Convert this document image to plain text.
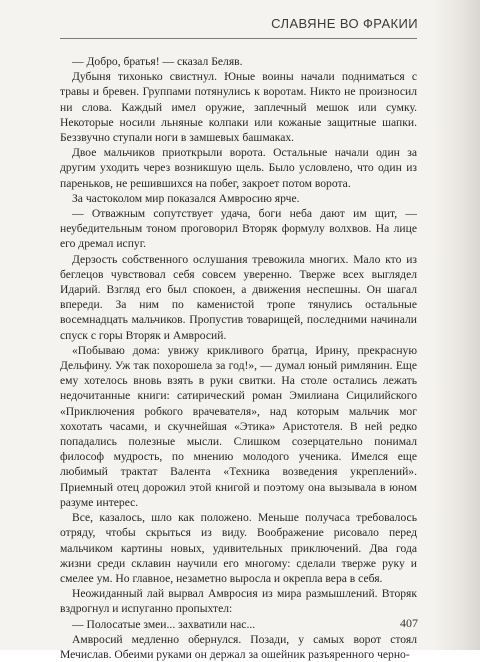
СЛАВЯНЕ ВО ФРАКИИ

— Добро, братья! — сказал Беляв.

Дубыня тихонько свистнул. Юные воины начали подниматься с травы и бревен. Группами потянулись к воротам. Никто не произносил ни слова. Каждый имел оружие, заплечный мешок или сумку. Некоторые носили льняные колпаки или кожаные защитные шапки. Беззвучно ступали ноги в замшевых башмаках.

Двое мальчиков приоткрыли ворота. Остальные начали один за другим уходить через возникшую щель. Было условлено, что один из пареньков, не решившихся на побег, закроет потом ворота.

За частоколом мир показался Амвросию ярче.

— Отважным сопутствует удача, боги неба дают им щит, — неубедительным тоном проговорил Вторяк формулу волхвов. На лице его дремал испуг.

Дерзость собственного ослушания тревожила многих. Мало кто из беглецов чувствовал себя совсем уверенно. Тверже всех выглядел Идарий. Взгляд его был спокоен, а движения неспешны. Он шагал впереди. За ним по каменистой тропе тянулись остальные восемнадцать мальчиков. Пропустив товарищей, последними начинали спуск с горы Вторяк и Амвросий.

«Побываю дома: увижу крикливого братца, Ирину, прекрасную Дельфину. Уж так похорошела за год!», — думал юный римлянин. Еще ему хотелось вновь взять в руки свитки. На столе остались лежать недочитанные книги: сатирический роман Эмилиана Сицилийского «Приключения робкого врачевателя», над которым мальчик мог хохотать часами, и скучнейшая «Этика» Аристотеля. В ней редко попадались полезные мысли. Слишком созерцательно понимал философ мудрость, по мнению молодого ученика. Имелся еще любимый трактат Валента «Техника возведения укреплений». Приемный отец дорожил этой книгой и поэтому она вызывала в юном разуме интерес.

Все, казалось, шло как положено. Меньше получаса требовалось отряду, чтобы скрыться из виду. Воображение рисовало перед мальчиком картины новых, удивительных приключений. Два года жизни среди склавин научили его многому: сделали тверже руку и смелее ум. Но главное, незаметно выросла и окрепла вера в себя.

Неожиданный лай вырвал Амвросия из мира размышлений. Вторяк вздрогнул и испуганно пропыхтел:

— Полосатые змеи... захватили нас...

Амвросий медленно обернулся. Позади, у самых ворот стоял Мечислав. Обеими руками он держал за ошейник разъяренного черно-

407
